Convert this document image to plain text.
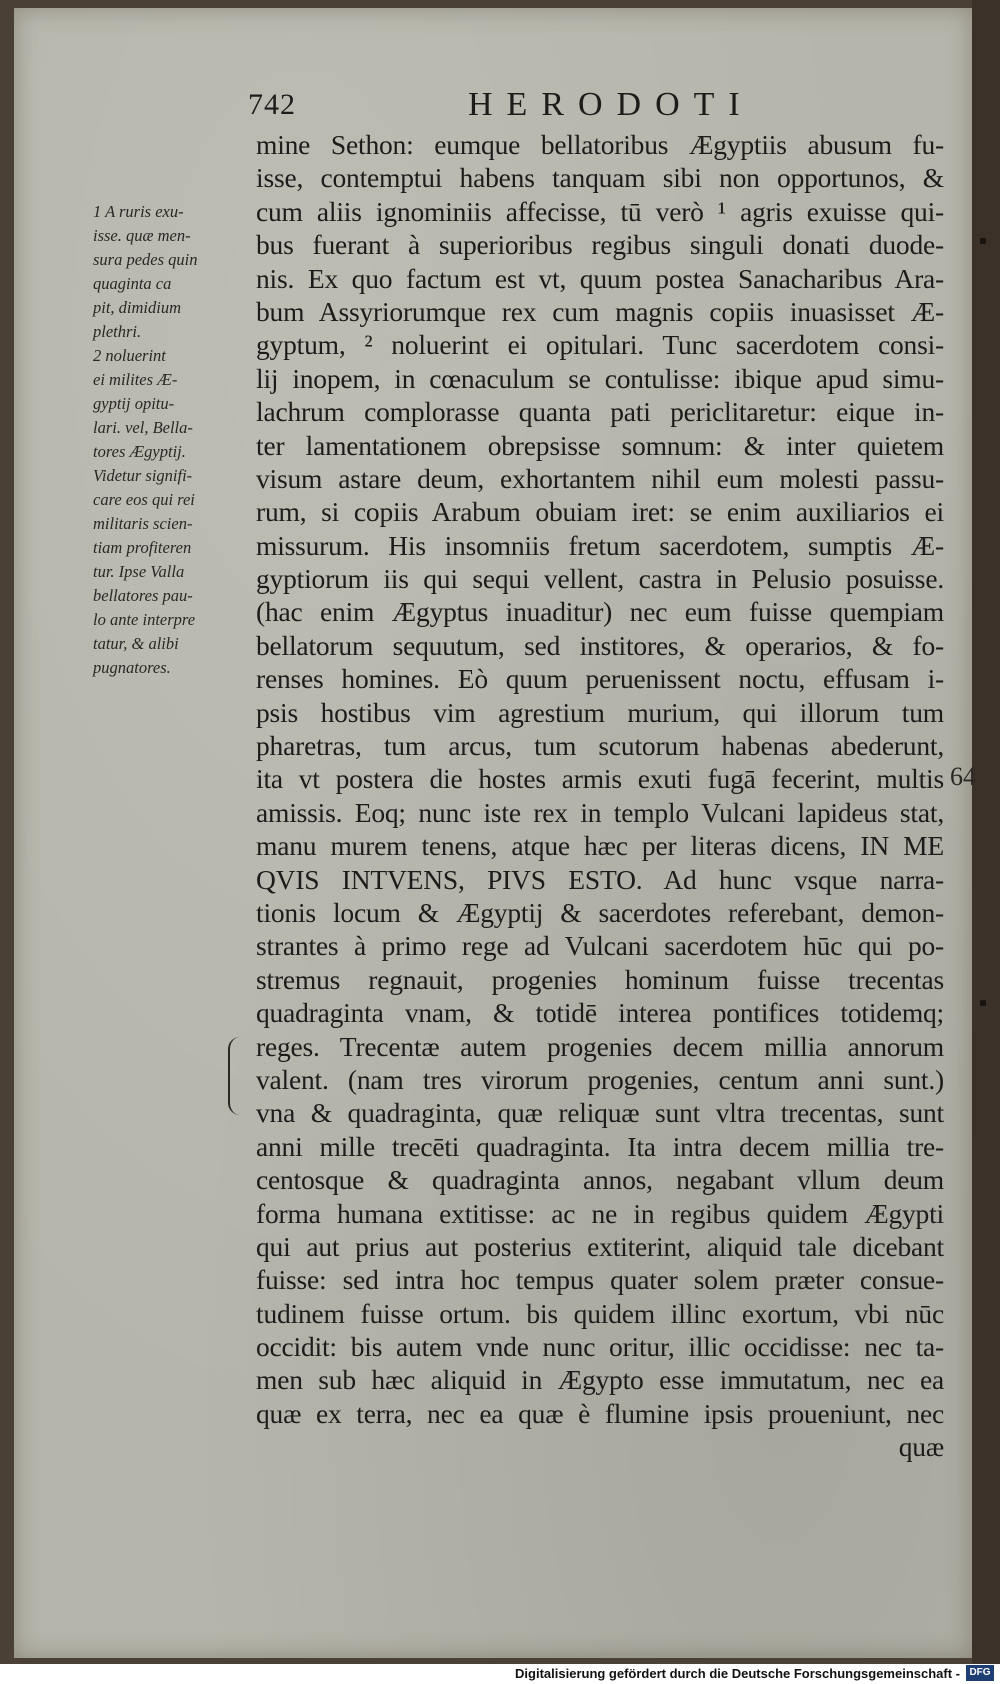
742	HERODOTI
1 A ruris exu-
isse. quæ men-
sura pedes quin
quaginta ca
pit, dimidium
plethri.
2 noluerint
ei milites Æ-
gyptij opitu-
lari. vel, Bella-
tores Ægyptij.
Videtur signifi-
care eos qui rei
militaris scien-
tiam profiteren
tur. Ipse Valla
bellatores pau-
lo ante interpre
tatur, & alibi
pugnatores.
mine Sethon: eumque bellatoribus Ægyptiis abusum fu-
isse, contemptui habens tanquam sibi non opportunos, &
cum aliis ignominiis affecisse, tū verò ¹ agris exuisse qui-
bus fuerant à superioribus regibus singuli donati duode-
nis. Ex quo factum est vt, quum postea Sanacharibus Ara-
bum Assyriorumque rex cum magnis copiis inuasisset Æ-
gyptum, ² noluerint ei opitulari. Tunc sacerdotem consi-
lij inopem, in cœnaculum se contulisse: ibique apud simu-
lachrum complorasse quanta pati periclitaretur: eique in-
ter lamentationem obrepsisse somnum: & inter quietem
visum astare deum, exhortantem nihil eum molesti passu-
rum, si copiis Arabum obuiam iret: se enim auxiliarios ei
missurum. His insomniis fretum sacerdotem, sumptis Æ-
gyptiorum iis qui sequi vellent, castra in Pelusio posuisse.
(hac enim Ægyptus inuaditur) nec eum fuisse quempiam
bellatorum sequutum, sed institores, & operarios, & fo-
renses homines. Eò quum peruenissent noctu, effusam i-
psis hostibus vim agrestium murium, qui illorum tum
pharetras, tum arcus, tum scutorum habenas abederunt,
ita vt postera die hostes armis exuti fugā fecerint, multis
amissis. Eoq; nunc iste rex in templo Vulcani lapideus stat,
manu murem tenens, atque hæc per literas dicens, IN ME
QVIS INTVENS, PIVS ESTO. Ad hunc vsque narra-
tionis locum & Ægyptij & sacerdotes referebant, demon-
strantes à primo rege ad Vulcani sacerdotem hūc qui po-
stremus regnauit, progenies hominum fuisse trecentas
quadraginta vnam, & totidē interea pontifices totidemq;
reges. Trecentæ autem progenies decem millia annorum
valent. (nam tres virorum progenies, centum anni sunt.)
vna & quadraginta, quæ reliquæ sunt vltra trecentas, sunt
anni mille trecēti quadraginta. Ita intra decem millia tre-
centosque & quadraginta annos, negabant vllum deum
forma humana extitisse: ac ne in regibus quidem Ægypti
qui aut prius aut posterius extiterint, aliquid tale dicebant
fuisse: sed intra hoc tempus quater solem præter consue-
tudinem fuisse ortum. bis quidem illinc exortum, vbi nūc
occidit: bis autem vnde nunc oritur, illic occidisse: nec ta-
men sub hæc aliquid in Ægypto esse immutatum, nec ea
quæ ex terra, nec ea quæ è flumine ipsis proueniunt, nec
quæ
64
Digitalisierung gefördert durch die Deutsche Forschungsgemeinschaft - DFG
